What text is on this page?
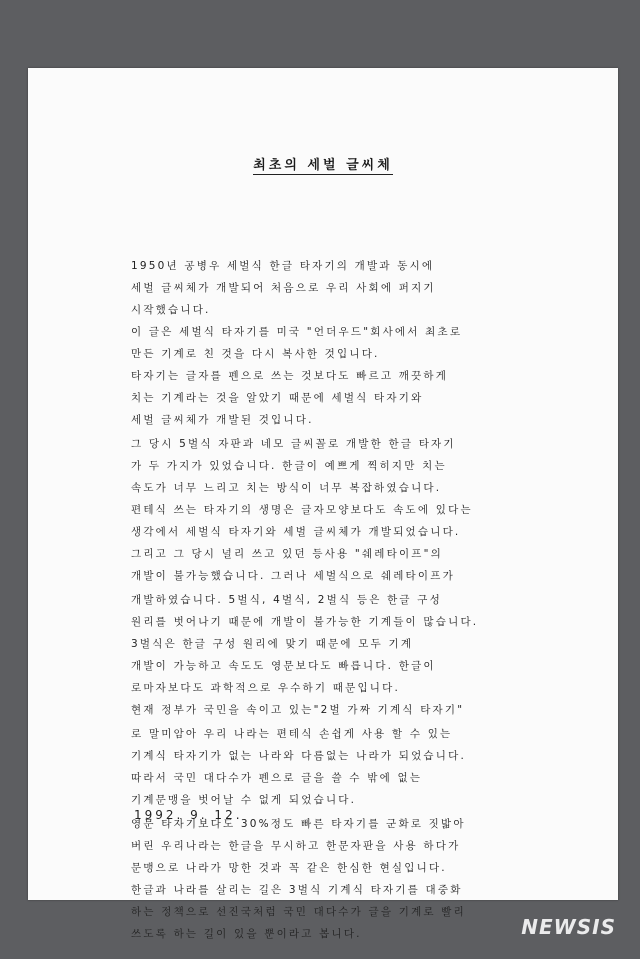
최초의 세벌 글씨체
1950년 공병우 세벌식 한글 타자기의 개발과 동시에
세벌 글씨체가 개발되어 처음으로 우리 사회에 퍼지기
시작했습니다.
이 글은 세벌식 타자기를 미국 "언더우드"회사에서 최초로
만든 기계로 친 것을 다시 복사한 것입니다.
타자기는 글자를 펜으로 쓰는 것보다도 빠르고 깨끗하게
치는 기계라는 것을 알았기 때문에 세벌식 타자기와
세벌 글씨체가 개발된 것입니다.
그 당시 5벌식 자판과 네모 글씨꼴로 개발한 한글 타자기
가 두 가지가 있었습니다. 한글이 예쁘게 찍히지만 치는
속도가 너무 느리고 치는 방식이 너무 복잡하였습니다.
편테식 쓰는 타자기의 생명은 글자모양보다도 속도에 있다는
생각에서 세벌식 타자기와 세벌 글씨체가 개발되었습니다.
그리고 그 당시 널리 쓰고 있던 등사용 "쉐레타이프"의
개발이 불가능했습니다. 그러나 세벌식으로 쉐레타이프가
개발하였습니다. 5벌식, 4벌식, 2벌식 등은 한글 구성
원리를 벗어나기 때문에 개발이 불가능한 기계들이 많습니다.
3벌식은 한글 구성 원리에 맞기 때문에 모두 기계
개발이 가능하고 속도도 영문보다도 빠릅니다. 한글이
로마자보다도 과학적으로 우수하기 때문입니다.
현재 정부가 국민을 속이고 있는"2벌 가짜 기계식 타자기"
로 말미암아 우리 나라는 편테식 손쉽게 사용 할 수 있는
기계식 타자기가 없는 나라와 다름없는 나라가 되었습니다.
따라서 국민 대다수가 펜으로 글을 쓸 수 밖에 없는
기계문맹을 벗어날 수 없게 되었습니다.
영문 타자기보다도 30%정도 빠른 타자기를 군화로 짓밟아
버린 우리나라는 한글을 무시하고 한문자판을 사용 하다가
문맹으로 나라가 망한 것과 꼭 같은 한심한 현실입니다.
한글과 나라를 살리는 길은 3벌식 기계식 타자기를 대중화
하는 정책으로 선진국처럼 국민 대다수가 글을 기계로 빨리
쓰도록 하는 길이 있을 뿐이라고 봅니다.
1992. 9. 12.
NEWSIS
